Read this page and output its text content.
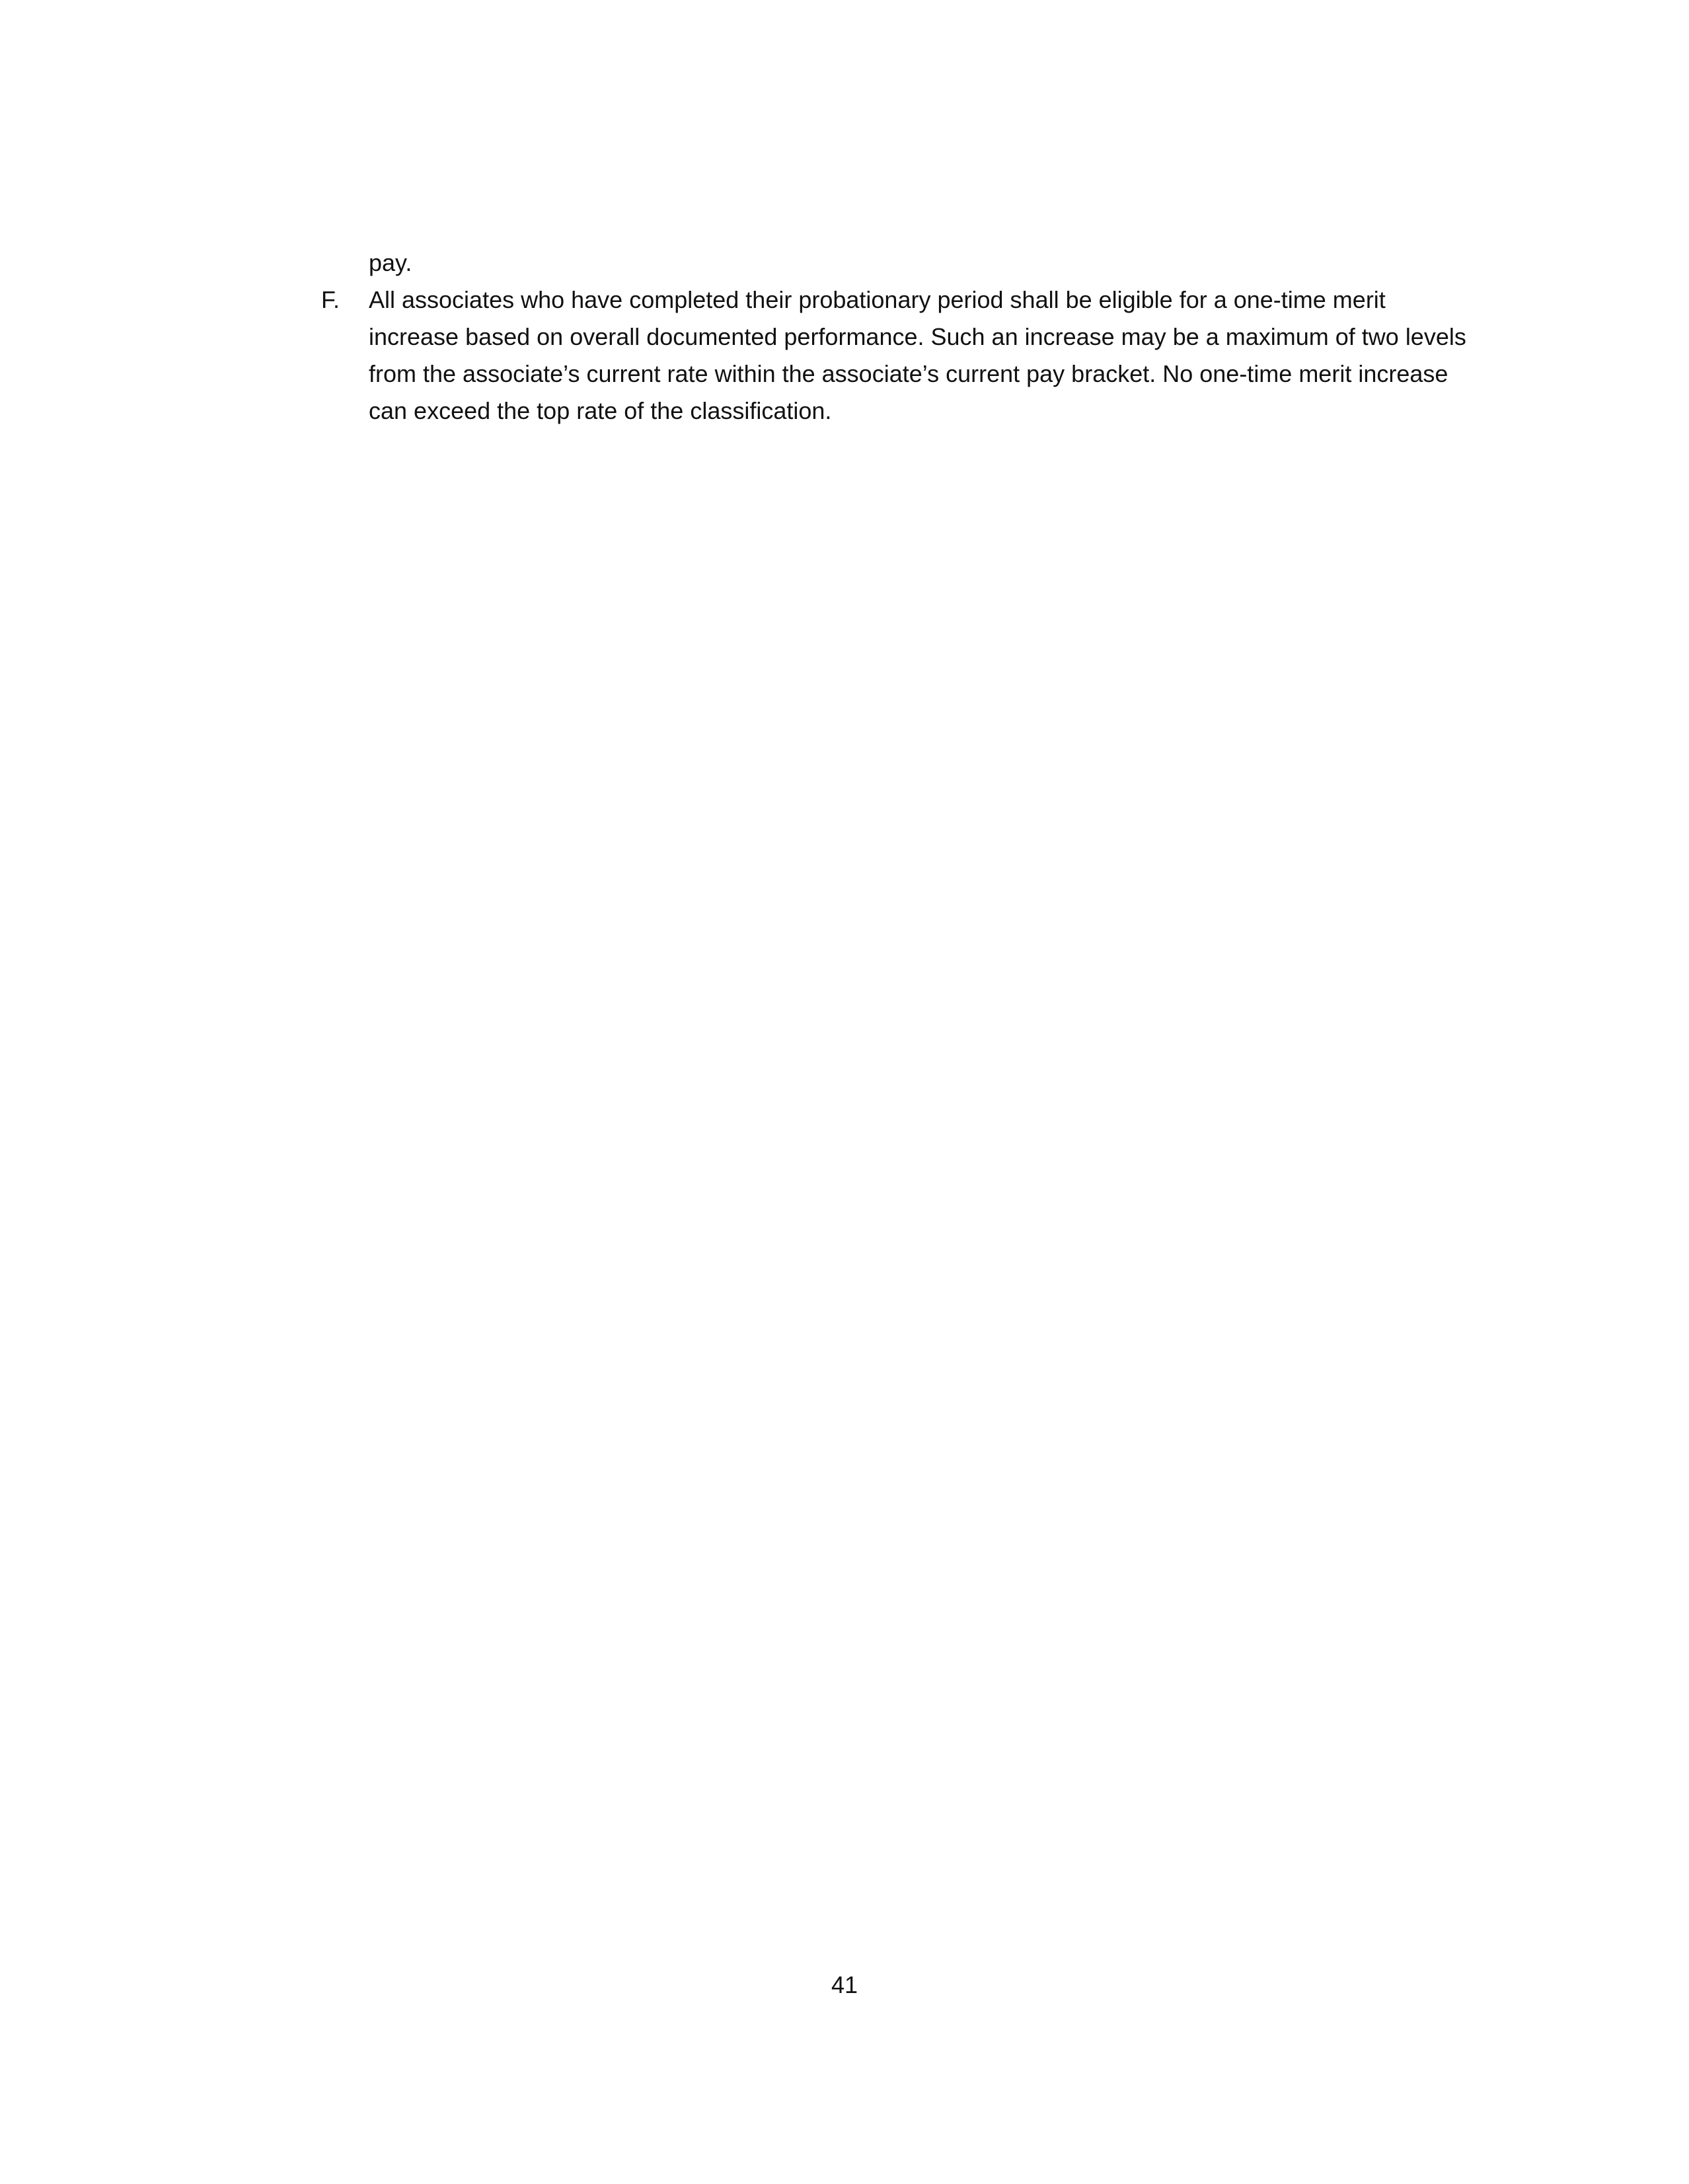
pay.

F.	All associates who have completed their probationary period shall be eligible for a one-time merit
increase based on overall documented performance. Such an increase may be a maximum of two levels
from the associate’s current rate within the associate’s current pay bracket. No one-time merit increase
can exceed the top rate of the classification.

41
